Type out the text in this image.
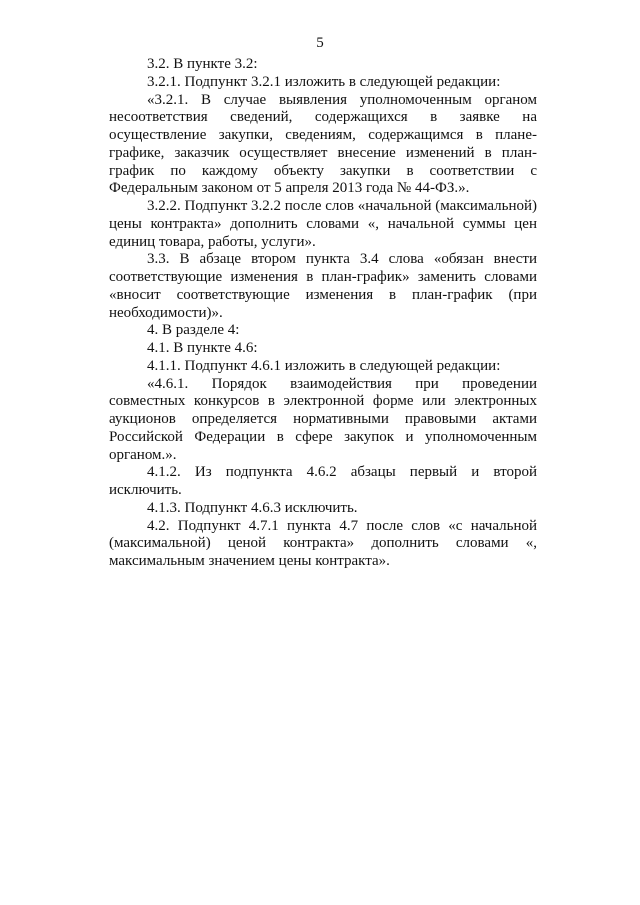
5

3.2. В пункте 3.2:

3.2.1. Подпункт 3.2.1 изложить в следующей редакции:

«3.2.1. В случае выявления уполномоченным органом несоответствия сведений, содержащихся в заявке на осуществление закупки, сведениям, содержащимся в плане-графике, заказчик осуществляет внесение изменений в план-график по каждому объекту закупки в соответствии с Федеральным законом от 5 апреля 2013 года № 44-ФЗ.».

3.2.2. Подпункт 3.2.2 после слов «начальной (максимальной) цены контракта» дополнить словами «, начальной суммы цен единиц товара, работы, услуги».

3.3. В абзаце втором пункта 3.4 слова «обязан внести соответствующие изменения в план-график» заменить словами «вносит соответствующие изменения в план-график (при необходимости)».

4. В разделе 4:

4.1. В пункте 4.6:

4.1.1. Подпункт 4.6.1 изложить в следующей редакции:

«4.6.1. Порядок взаимодействия при проведении совместных конкурсов в электронной форме или электронных аукционов определяется нормативными правовыми актами Российской Федерации в сфере закупок и уполномоченным органом.».

4.1.2. Из подпункта 4.6.2 абзацы первый и второй исключить.

4.1.3. Подпункт 4.6.3 исключить.

4.2. Подпункт 4.7.1 пункта 4.7 после слов «с начальной (максимальной) ценой контракта» дополнить словами «, максимальным значением цены контракта».
